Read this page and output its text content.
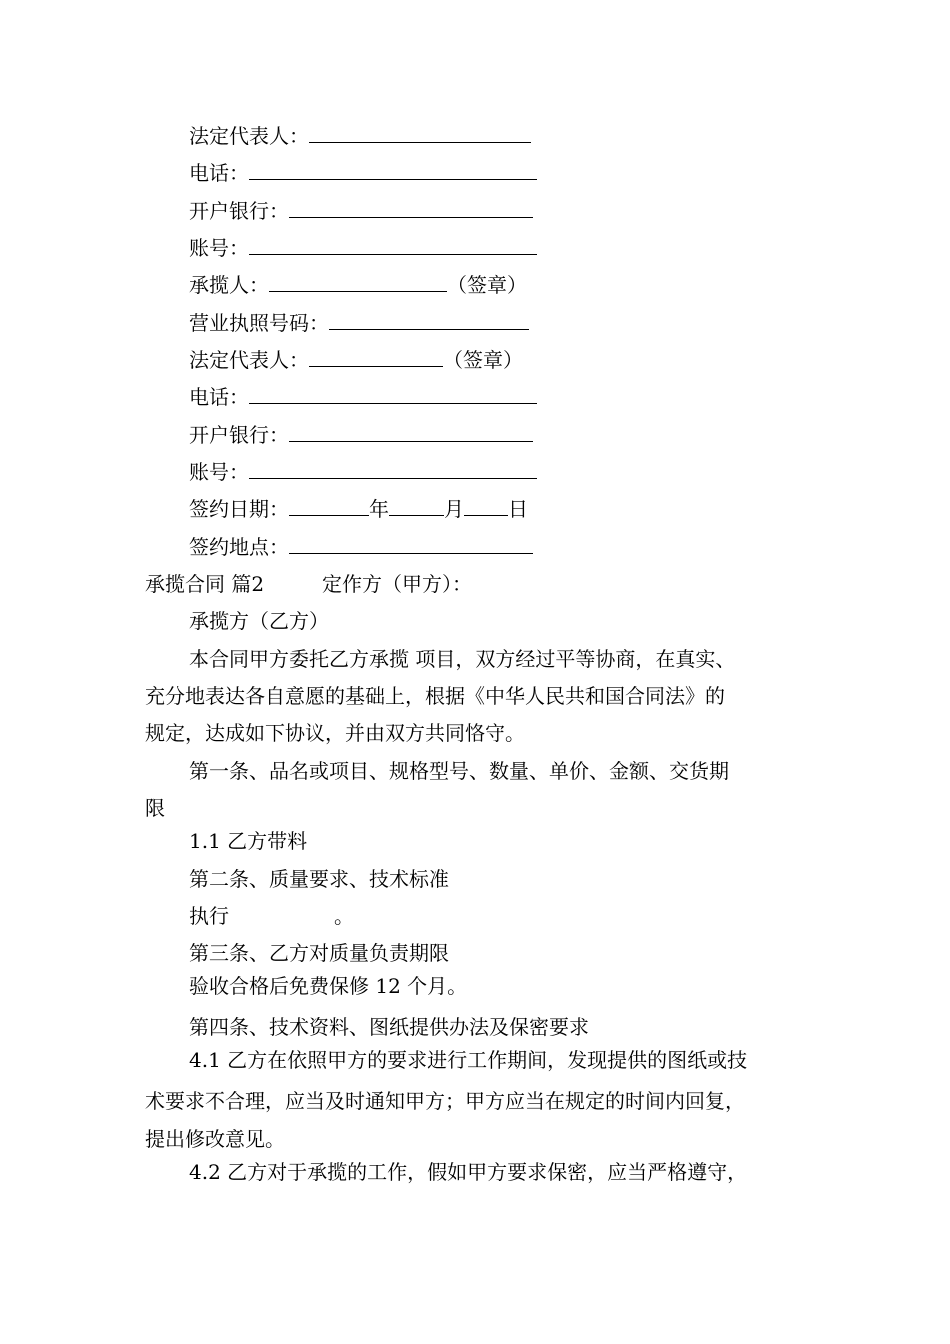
法定代表人：
电话：
开户银行：
账号：
承揽人：	（签章）
营业执照号码：
法定代表人：	（签章）
电话：
开户银行：
账号：
签约日期：	年	月 日
签约地点：
承揽合同 篇2	定作方（甲方）：
承揽方（乙方）
本合同甲方委托乙方承揽 项目，双方经过平等协商，在真实、
充分地表达各自意愿的基础上，根据《中华人民共和国合同法》的
规定，达成如下协议，并由双方共同恪守。
第一条、品名或项目、规格型号、数量、单价、金额、交货期
限
1.1 乙方带料
第二条、质量要求、技术标准
执行	。
第三条、乙方对质量负责期限
验收合格后免费保修 12 个月。
第四条、技术资料、图纸提供办法及保密要求
4.1 乙方在依照甲方的要求进行工作期间，发现提供的图纸或技
术要求不合理，应当及时通知甲方；甲方应当在规定的时间内回复，
提出修改意见。
4.2 乙方对于承揽的工作，假如甲方要求保密，应当严格遵守，
